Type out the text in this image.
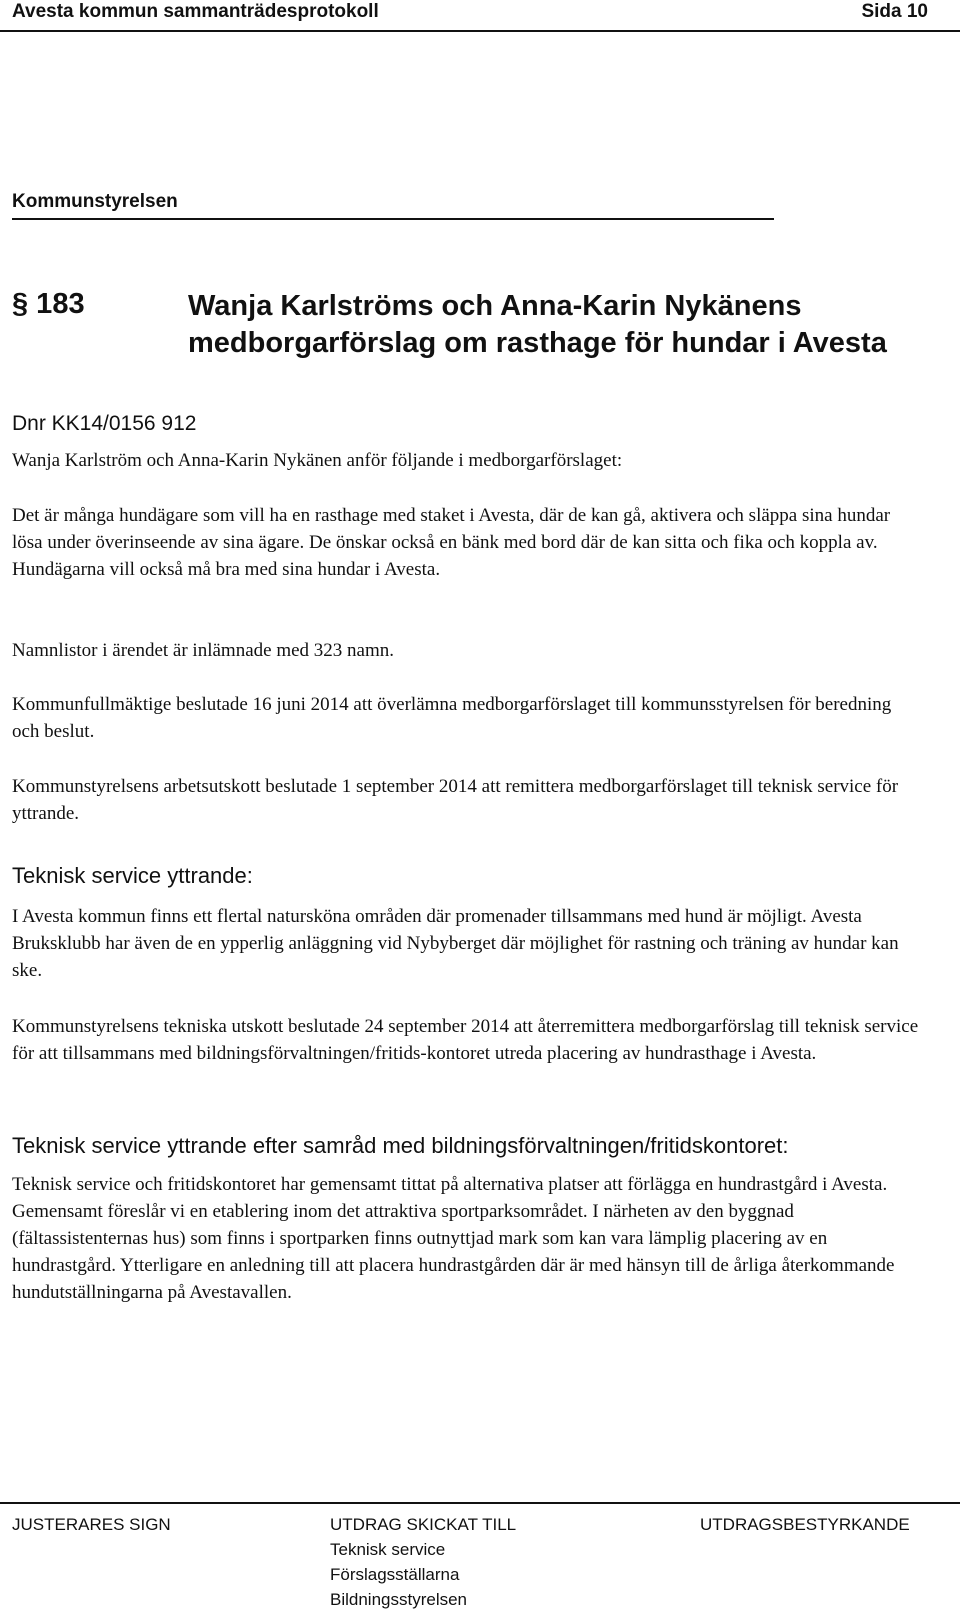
Avesta kommun sammanträdesprotokoll	Sida 10
Kommunstyrelsen
§ 183	Wanja Karlströms och Anna-Karin Nykänens medborgarförslag om rasthage för hundar i Avesta
Dnr KK14/0156 912
Wanja Karlström och Anna-Karin Nykänen anför följande i medborgarförslaget:
Det är många hundägare som vill ha en rasthage med staket i Avesta, där de kan gå, aktivera och släppa sina hundar lösa under överinseende av sina ägare. De önskar också en bänk med bord där de kan sitta och fika och koppla av. Hundägarna vill också må bra med sina hundar i Avesta.
Namnlistor i ärendet är inlämnade med 323 namn.
Kommunfullmäktige beslutade 16 juni 2014 att överlämna medborgarförslaget till kommunsstyrelsen för beredning och beslut.
Kommunstyrelsens arbetsutskott beslutade 1 september 2014 att remittera medborgarförslaget till teknisk service för yttrande.
Teknisk service yttrande:
I Avesta kommun finns ett flertal natursköna områden där promenader tillsammans med hund är möjligt. Avesta Bruksklubb har även de en ypperlig anläggning vid Nybyberget där möjlighet för rastning och träning av hundar kan ske.
Kommunstyrelsens tekniska utskott beslutade 24 september 2014 att återremittera medborgarförslag till teknisk service för att tillsammans med bildningsförvaltningen/fritids-kontoret utreda placering av hundrasthage i Avesta.
Teknisk service yttrande efter samråd med bildningsförvaltningen/fritidskontoret:
Teknisk service och fritidskontoret har gemensamt tittat på alternativa platser att förlägga en hundrastgård i Avesta. Gemensamt föreslår vi en etablering inom det attraktiva sportparksområdet. I närheten av den byggnad (fältassistenternas hus) som finns i sportparken finns outnyttjad mark som kan vara lämplig placering av en hundrastgård. Ytterligare en anledning till att placera hundrastgården där är med hänsyn till de årliga återkommande hundutställningarna på Avestavallen.
JUSTERARES SIGN	UTDRAG SKICKAT TILL
Teknisk service
Förslagsställarna
Bildningsstyrelsen
UTDRAGSBESTYRKANDE
